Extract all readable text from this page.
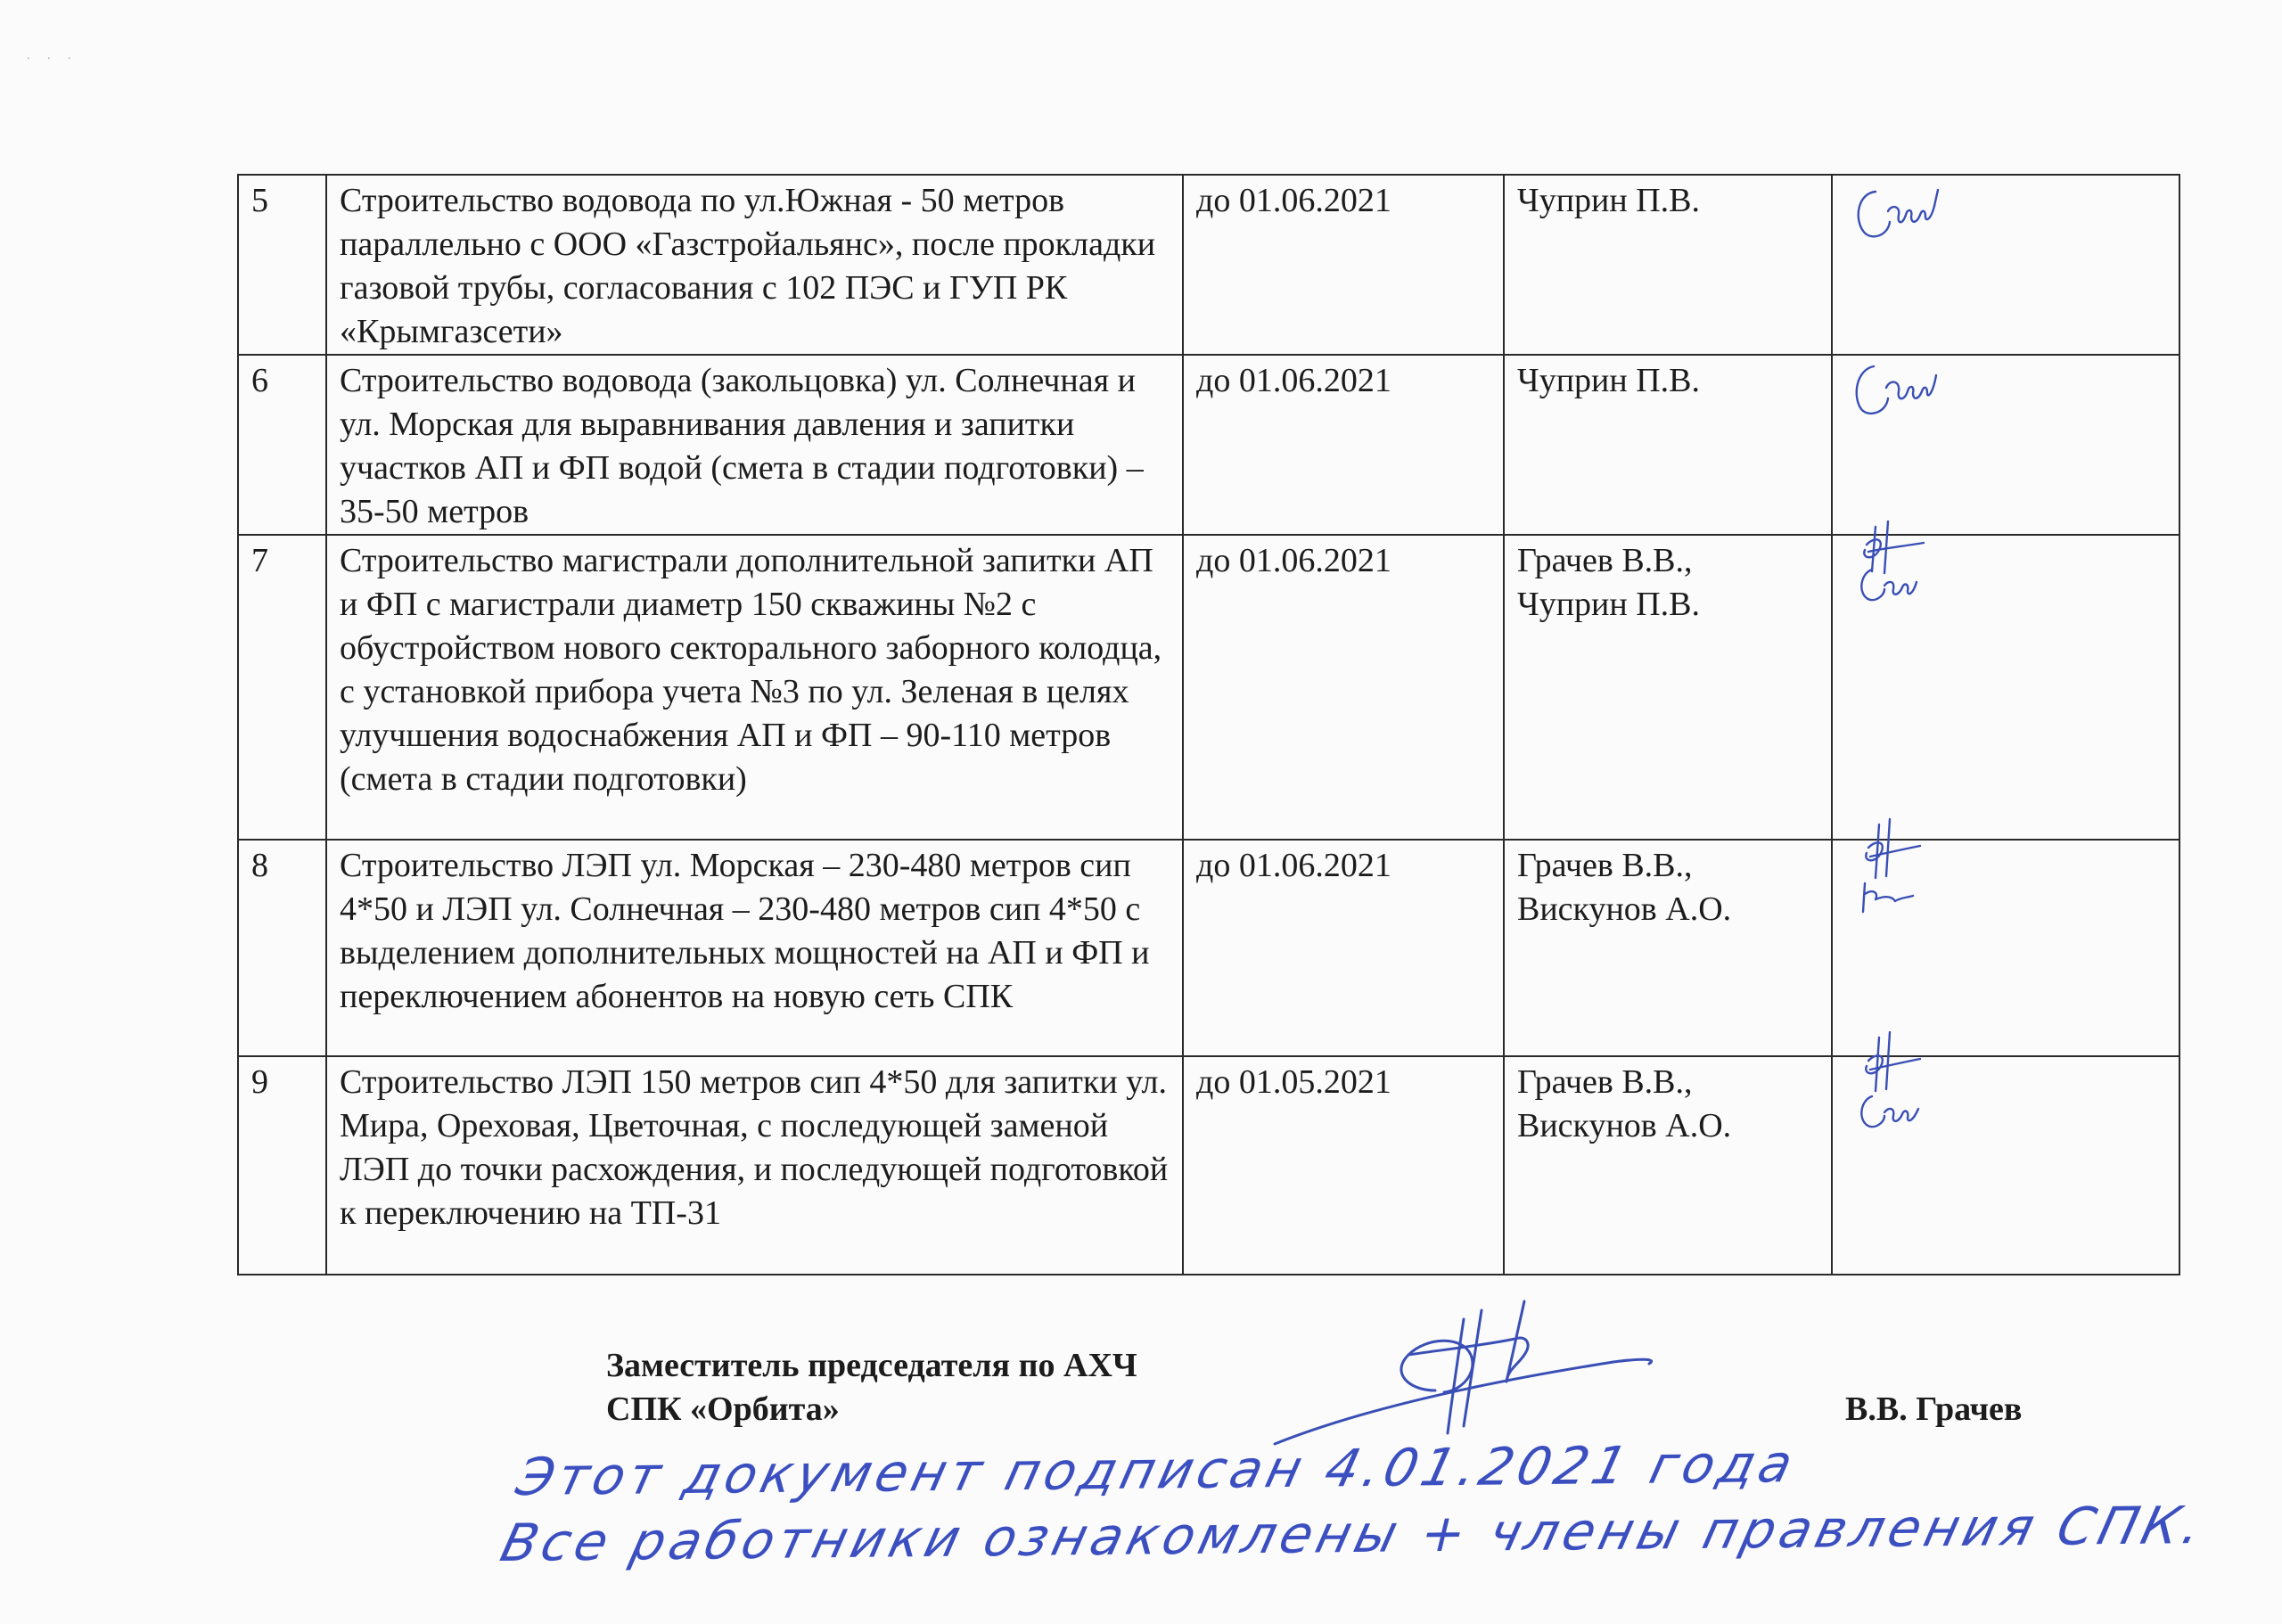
. . .
5	Строительство водовода по ул.Южная - 50 метров параллельно с ООО «Газстройальянс», после прокладки газовой трубы, согласования с 102 ПЭС и ГУП РК «Крымгазсети»	до 01.06.2021	Чуприн П.В.

6	Строительство водовода (закольцовка) ул. Солнечная и ул. Морская для выравнивания давления и запитки участков АП и ФП водой (смета в стадии подготовки) – 35-50 метров	до 01.06.2021	Чуприн П.В.

7	Строительство магистрали дополнительной запитки АП и ФП с магистрали диаметр 150 скважины №2 с обустройством нового секторального заборного колодца, с установкой прибора учета №3 по ул. Зеленая в целях улучшения водоснабжения АП и ФП – 90-110 метров (смета в стадии подготовки)	до 01.06.2021	Грачев В.В.,
Чуприн П.В.

8	Строительство ЛЭП ул. Морская – 230-480 метров сип 4*50 и ЛЭП ул. Солнечная – 230-480 метров сип 4*50 с выделением дополнительных мощностей на АП и ФП и переключением абонентов на новую сеть СПК	до 01.06.2021	Грачев В.В.,
Вискунов А.О.

9	Строительство ЛЭП 150 метров сип 4*50 для запитки ул. Мира, Ореховая, Цветочная, с последующей заменой ЛЭП до точки расхождения, и последующей подготовкой к переключению на ТП-31	до 01.05.2021	Грачев В.В.,
Вискунов А.О.

Заместитель председателя по АХЧ
СПК «Орбита»	В.В. Грачев
Этот документ подписан 4.01.2021 года
Все работники ознакомлены + члены правления СПК.
